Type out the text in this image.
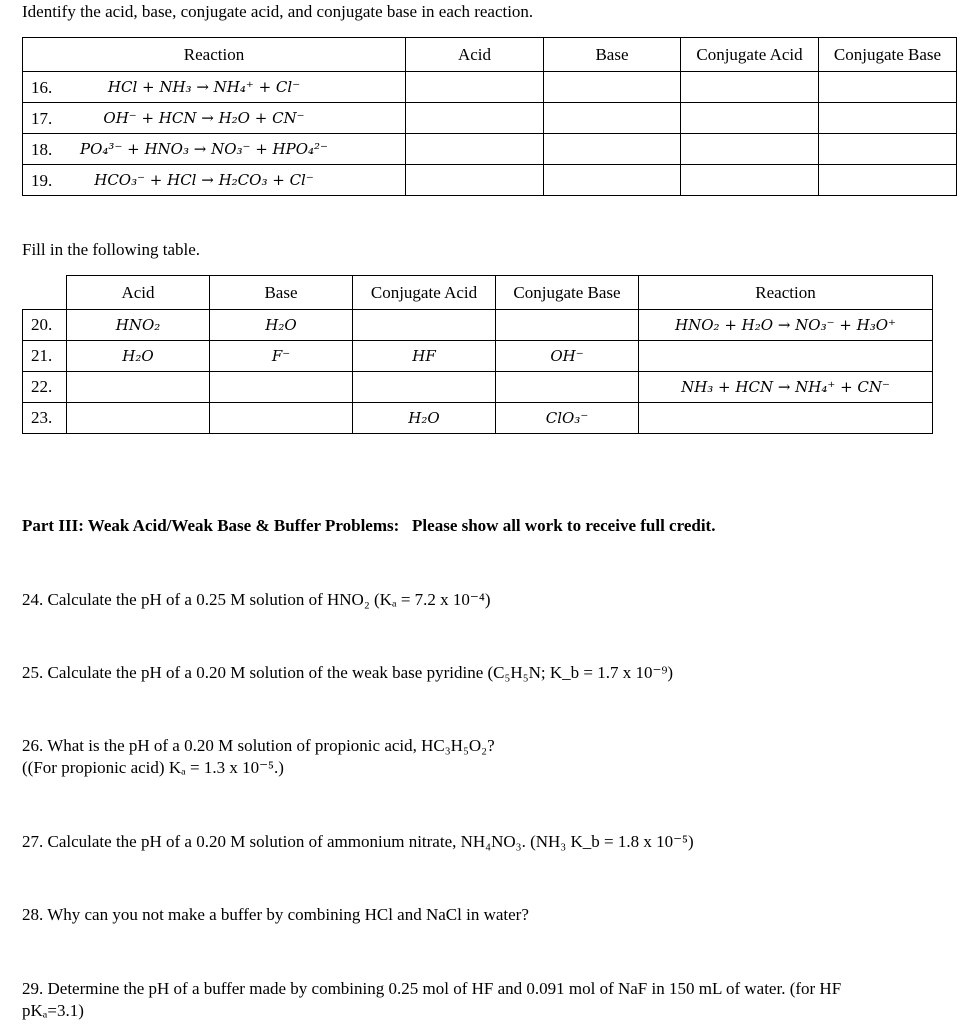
Identify the acid, base, conjugate acid, and conjugate base in each reaction.
Reaction	Acid	Base	Conjugate Acid	Conjugate Base

16. HCl + NH₃ → NH₄⁺ + Cl⁻				

17. OH⁻ + HCN → H₂O + CN⁻				

18. PO₄³⁻ + HNO₃ → NO₃⁻ + HPO₄²⁻				

19. HCO₃⁻ + HCl → H₂CO₃ + Cl⁻				

Fill in the following table.
	Acid	Base	Conjugate Acid	Conjugate Base	Reaction
20.	HNO₂	H₂O			HNO₂ + H₂O → NO₃⁻ + H₃O⁺
21.	H₂O	F⁻	HF	OH⁻	
22.					NH₃ + HCN → NH₄⁺ + CN⁻
23.			H₂O	ClO₃⁻	
Part III: Weak Acid/Weak Base & Buffer Problems: Please show all work to receive full credit.
24. Calculate the pH of a 0.25 M solution of HNO₂ (Kₐ = 7.2 x 10⁻⁴)
25. Calculate the pH of a 0.20 M solution of the weak base pyridine (C₅H₅N; K_b = 1.7 x 10⁻⁹)
26. What is the pH of a 0.20 M solution of propionic acid, HC₃H₅O₂?
((For propionic acid) Kₐ = 1.3 x 10⁻⁵.)
27. Calculate the pH of a 0.20 M solution of ammonium nitrate, NH₄NO₃. (NH₃ K_b = 1.8 x 10⁻⁵)
28. Why can you not make a buffer by combining HCl and NaCl in water?
29. Determine the pH of a buffer made by combining 0.25 mol of HF and 0.091 mol of NaF in 150 mL of water. (for HF
pKₐ=3.1)
